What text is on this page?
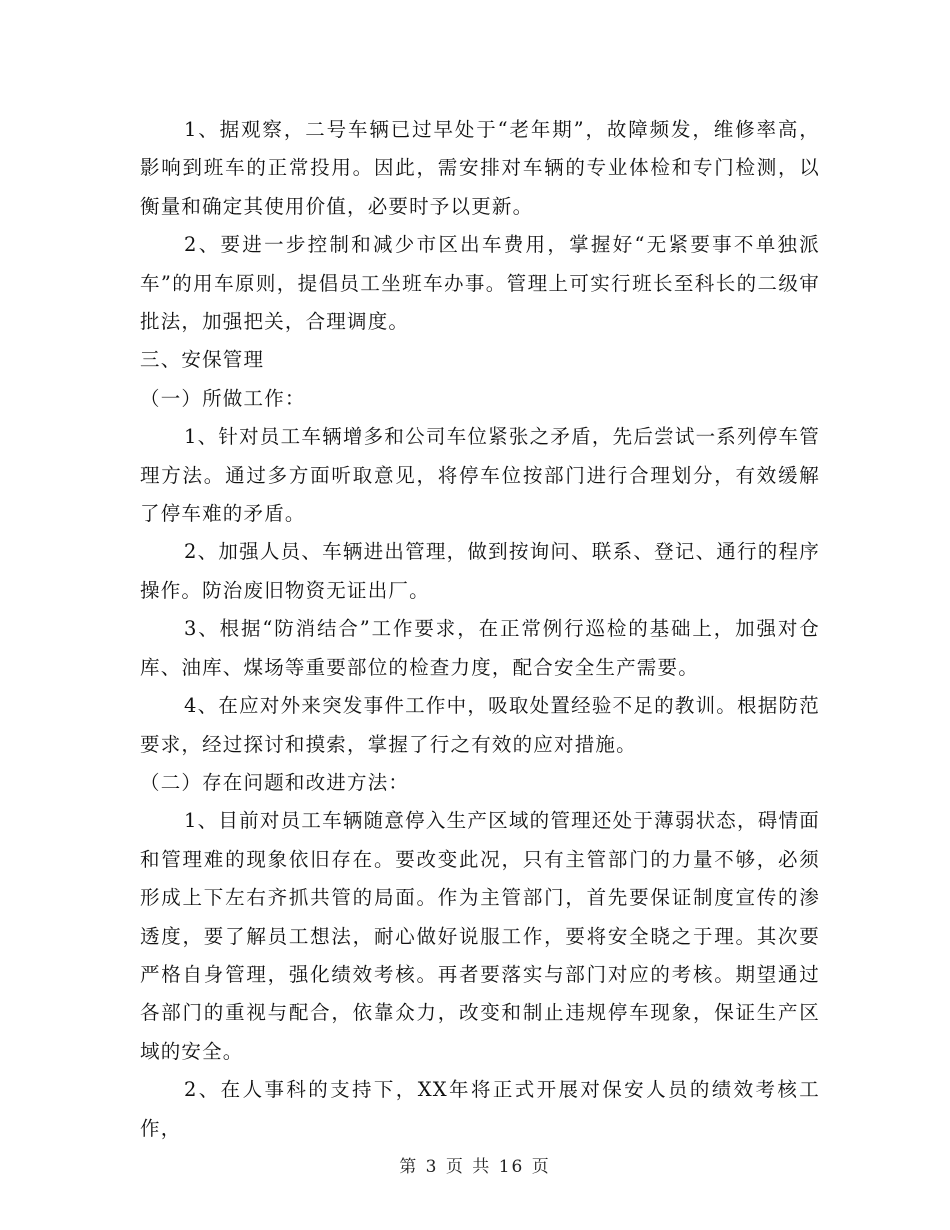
1、据观察，二号车辆已过早处于“老年期”，故障频发，维修率高，影响到班车的正常投用。因此，需安排对车辆的专业体检和专门检测，以衡量和确定其使用价值，必要时予以更新。

2、要进一步控制和减少市区出车费用，掌握好“无紧要事不单独派车”的用车原则，提倡员工坐班车办事。管理上可实行班长至科长的二级审批法，加强把关，合理调度。

三、安保管理

（一）所做工作：

1、针对员工车辆增多和公司车位紧张之矛盾，先后尝试一系列停车管理方法。通过多方面听取意见，将停车位按部门进行合理划分，有效缓解了停车难的矛盾。

2、加强人员、车辆进出管理，做到按询问、联系、登记、通行的程序操作。防治废旧物资无证出厂。

3、根据“防消结合”工作要求，在正常例行巡检的基础上，加强对仓库、油库、煤场等重要部位的检查力度，配合安全生产需要。

4、在应对外来突发事件工作中，吸取处置经验不足的教训。根据防范要求，经过探讨和摸索，掌握了行之有效的应对措施。

（二）存在问题和改进方法：

1、目前对员工车辆随意停入生产区域的管理还处于薄弱状态，碍情面和管理难的现象依旧存在。要改变此况，只有主管部门的力量不够，必须形成上下左右齐抓共管的局面。作为主管部门，首先要保证制度宣传的渗透度，要了解员工想法，耐心做好说服工作，要将安全晓之于理。其次要严格自身管理，强化绩效考核。再者要落实与部门对应的考核。期望通过各部门的重视与配合，依靠众力，改变和制止违规停车现象，保证生产区域的安全。

2、在人事科的支持下，XX年将正式开展对保安人员的绩效考核工作，

第 3 页 共 16 页
